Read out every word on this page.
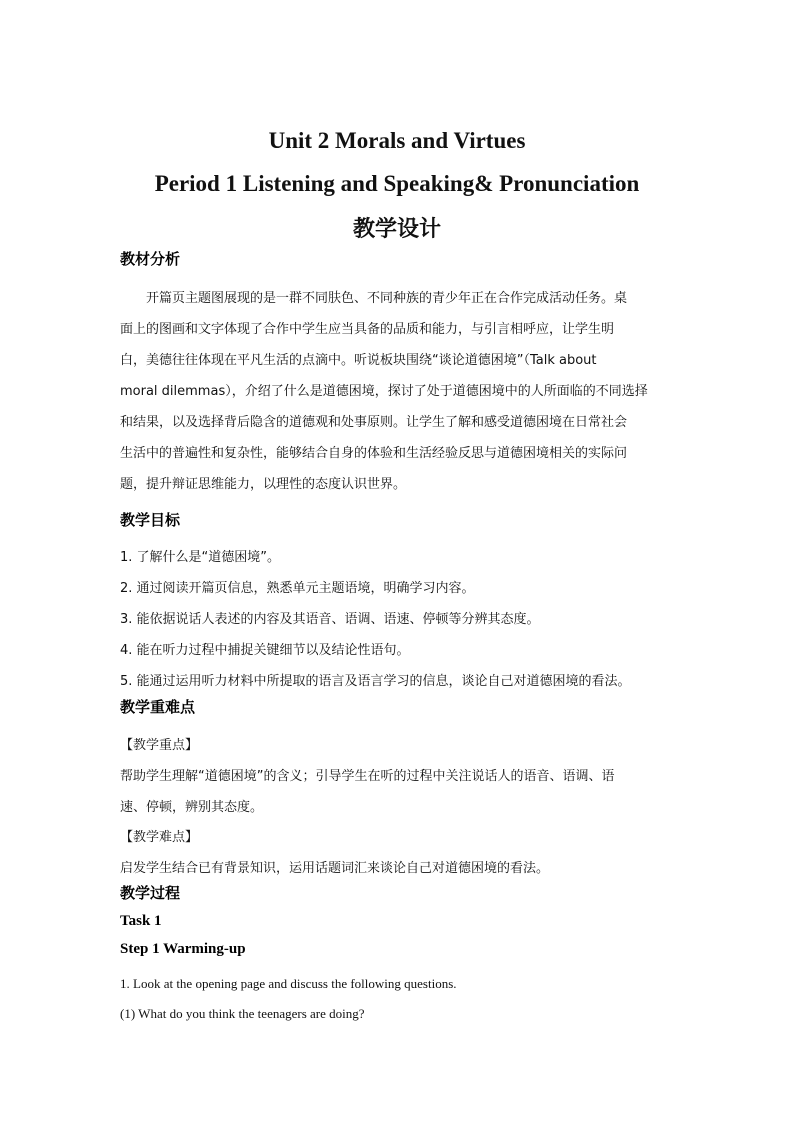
Unit 2 Morals and Virtues
Period 1 Listening and Speaking& Pronunciation
教学设计
教材分析
开篇页主题图展现的是一群不同肤色、不同种族的青少年正在合作完成活动任务。桌
面上的图画和文字体现了合作中学生应当具备的品质和能力，与引言相呼应，让学生明
白，美德往往体现在平凡生活的点滴中。听说板块围绕“谈论道德困境”（Talk about
moral dilemmas），介绍了什么是道德困境，探讨了处于道德困境中的人所面临的不同选择
和结果，以及选择背后隐含的道德观和处事原则。让学生了解和感受道德困境在日常社会
生活中的普遍性和复杂性，能够结合自身的体验和生活经验反思与道德困境相关的实际问
题，提升辩证思维能力，以理性的态度认识世界。
教学目标
1. 了解什么是“道德困境”。
2. 通过阅读开篇页信息，熟悉单元主题语境，明确学习内容。
3. 能依据说话人表述的内容及其语音、语调、语速、停顿等分辨其态度。
4. 能在听力过程中捕捉关键细节以及结论性语句。
5. 能通过运用听力材料中所提取的语言及语言学习的信息，谈论自己对道德困境的看法。
教学重难点
【教学重点】
帮助学生理解“道德困境”的含义；引导学生在听的过程中关注说话人的语音、语调、语
速、停顿，辨别其态度。
【教学难点】
启发学生结合已有背景知识，运用话题词汇来谈论自己对道德困境的看法。
教学过程
Task 1
Step 1 Warming-up
1. Look at the opening page and discuss the following questions.
(1) What do you think the teenagers are doing?
